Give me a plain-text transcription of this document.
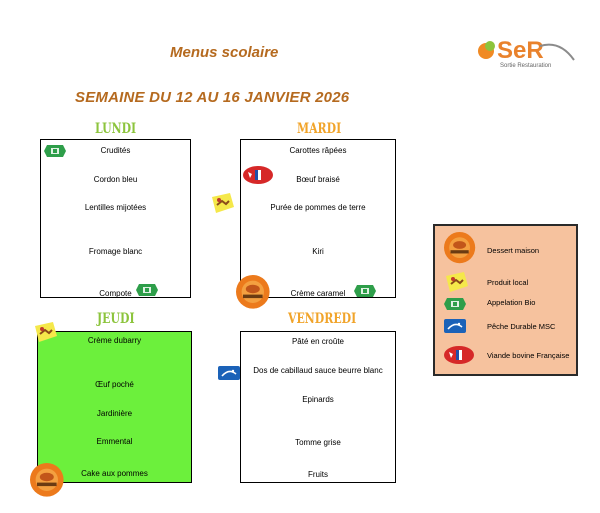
Menus scolaire
SEMAINE DU 12 AU 16 JANVIER 2026
SeR
Sortie Restauration
LUNDI
Crudités
Cordon bleu
Lentilles mijotées
Fromage blanc
Compote
MARDI
Carottes râpées
Bœuf braisé
Purée de pommes de terre
Kiri
Crème caramel
JEUDI
Crème dubarry
Œuf poché
Jardinière
Emmental
Cake aux pommes
VENDREDI
Pâté en croûte
Dos de cabillaud sauce beurre blanc
Epinards
Tomme grise
Fruits
Dessert maison
Produit local
Appelation Bio
Pêche Durable MSC
Viande bovine Française
